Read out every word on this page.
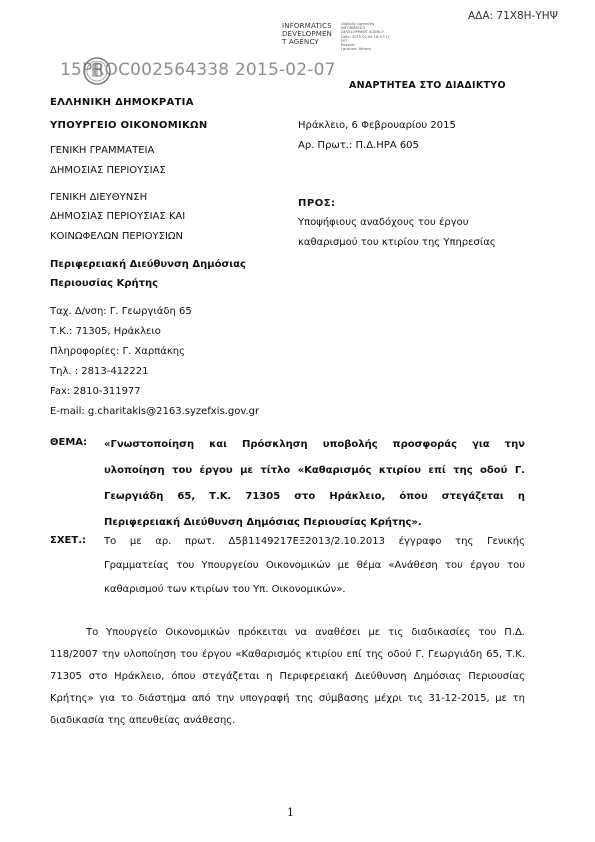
ΑΔΑ: 71Χ8Η-ΥΗΨ
INFORMATICS
DEVELOPMEN
T AGENCY
Digitally signed by
INFORMATICS
DEVELOPMENT AGENCY
Date: 2015.02.06 16:57:17
EET
Reason:
Location: Athens
15PROC002564338 2015-02-07
ΑΝΑΡΤΗΤΕΑ ΣΤΟ ΔΙΑΔΙΚΤΥΟ
ΕΛΛΗΝΙΚΗ ΔΗΜΟΚΡΑΤΙΑ
ΥΠΟΥΡΓΕΙΟ ΟΙΚΟΝΟΜΙΚΩΝ
ΓΕΝΙΚΗ ΓΡΑΜΜΑΤΕΙΑ
ΔΗΜΟΣΙΑΣ ΠΕΡΙΟΥΣΙΑΣ
ΓΕΝΙΚΗ ΔΙΕΥΘΥΝΣΗ
ΔΗΜΟΣΙΑΣ ΠΕΡΙΟΥΣΙΑΣ ΚΑΙ
ΚΟΙΝΩΦΕΛΩΝ ΠΕΡΙΟΥΣΙΩΝ
Περιφερειακή Διεύθυνση Δημόσιας
Περιουσίας Κρήτης
Ταχ. Δ/νση: Γ. Γεωργιάδη 65
Τ.Κ.: 71305, Ηράκλειο
Πληροφορίες: Γ. Χαρπάκης
Τηλ. : 2813-412221
Fax: 2810-311977
E-mail: g.charitakis@2163.syzefxis.gov.gr
Ηράκλειο, 6 Φεβρουαρίου 2015
Αρ. Πρωτ.: Π.Δ.ΗΡΑ 605
ΠΡΟΣ:
Υποψήφιους αναδόχους του έργου
καθαρισμού του κτιρίου της Υπηρεσίας
ΘΕΜΑ: «Γνωστοποίηση και Πρόσκληση υποβολής προσφοράς για την
υλοποίηση του έργου με τίτλο «Καθαρισμός κτιρίου επί της οδού Γ.
Γεωργιάδη 65, Τ.Κ. 71305 στο Ηράκλειο, όπου στεγάζεται η
Περιφερειακή Διεύθυνση Δημόσιας Περιουσίας Κρήτης».
ΣΧΕΤ.: Το με αρ. πρωτ. Δ5β1149217ΕΞ2013/2.10.2013 έγγραφο της Γενικής
Γραμματείας του Υπουργείου Οικονομικών με θέμα «Ανάθεση του έργου του
καθαρισμού των κτιρίων του Υπ. Οικονομικών».
Το Υπουργείο Οικονομικών πρόκειται να αναθέσει με τις διαδικασίες του Π.Δ. 118/2007 την υλοποίηση του έργου «Καθαρισμός κτιρίου επί της οδού Γ. Γεωργιάδη 65, Τ.Κ. 71305 στο Ηράκλειο, όπου στεγάζεται η Περιφερειακή Διεύθυνση Δημόσιας Περιουσίας Κρήτης» για το διάστημα από την υπογραφή της σύμβασης μέχρι τις 31-12-2015, με τη διαδικασία της απευθείας ανάθεσης.
1
